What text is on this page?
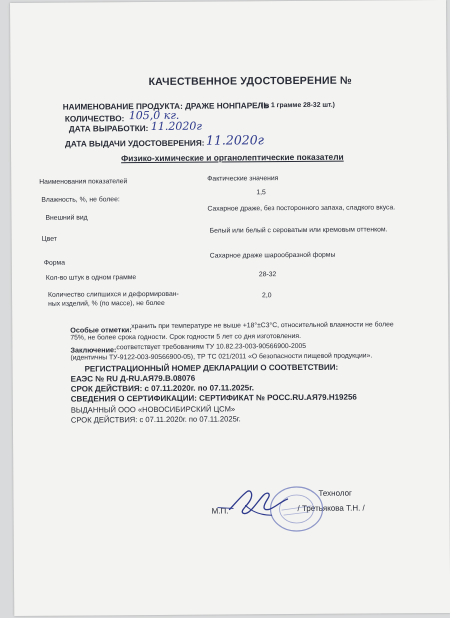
КАЧЕСТВЕННОЕ УДОСТОВЕРЕНИЕ №
НАИМЕНОВАНИЕ ПРОДУКТА: ДРАЖЕ НОНПАРЕЛЬ
( в 1 грамме 28-32 шт.)
КОЛИЧЕСТВО: 105,0 кг.
ДАТА ВЫРАБОТКИ: 11.2020г
ДАТА ВЫДАЧИ УДОСТОВЕРЕНИЯ: 11.2020г
Физико-химические и органолептические показатели
Наименования показателей	Фактические значения
Влажность, %, не более:
1,5
Внешний вид
Сахарное драже, без посторонного запаха, сладкого вкуса.
Цвет
Белый или белый с сероватым или кремовым оттенком.
Форма
Сахарное драже шарообразной формы
Кол-во штук в одном грамме	28-32
Количество слипшихся и деформирован-
ных изделий, % (по массе), не более
2,0
Особые отметки: хранить при температуре не выше +18°±С3°С, относительной влажности не более
75%, не более срока годности. Срок годности 5 лет со дня изготовления.
Заключение: соответствует требованиям ТУ 10.82.23-003-90566900-2005
(идентичны ТУ-9122-003-90566900-05), ТР ТС 021/2011 «О безопасности пищевой продукции».
РЕГИСТРАЦИОННЫЙ НОМЕР ДЕКЛАРАЦИИ О СООТВЕТСТВИИ:
ЕАЭС № RU Д-RU.АЯ79.В.08076
СРОК ДЕЙСТВИЯ: с 07.11.2020г. по 07.11.2025г.
СВЕДЕНИЯ О СЕРТИФИКАЦИИ: СЕРТИФИКАТ № РОСС.RU.АЯ79.Н19256
ВЫДАННЫЙ ООО «НОВОСИБИРСКИЙ ЦСМ»
СРОК ДЕЙСТВИЯ: с 07.11.2020г. по 07.11.2025г.
М.П.
Технолог
/ Третьякова Т.Н. /
